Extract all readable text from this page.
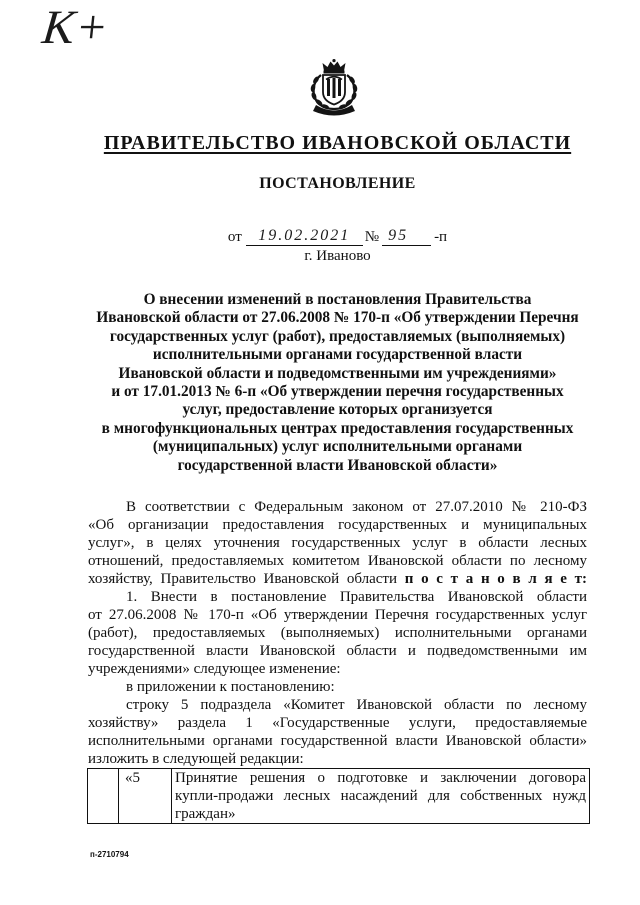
К+
ПРАВИТЕЛЬСТВО ИВАНОВСКОЙ ОБЛАСТИ
ПОСТАНОВЛЕНИЕ
от	19.02.2021 № 95	-п
г. Иваново
О внесении изменений в постановления Правительства
Ивановской области от 27.06.2008 № 170-п «Об утверждении Перечня
государственных услуг (работ), предоставляемых (выполняемых)
исполнительными органами государственной власти
Ивановской области и подведомственными им учреждениями»
и от 17.01.2013 № 6-п «Об утверждении перечня государственных
услуг, предоставление которых организуется
в многофункциональных центрах предоставления государственных
(муниципальных) услуг исполнительными органами
государственной власти Ивановской области»
В соответствии с Федеральным законом от 27.07.2010 № 210-ФЗ
«Об организации предоставления государственных и муниципальных
услуг», в целях уточнения государственных услуг в области лесных
отношений, предоставляемых комитетом Ивановской области по лесному
хозяйству, Правительство Ивановской области п о с т а н о в л я е т:
1. Внести в постановление Правительства Ивановской области
от 27.06.2008 № 170-п «Об утверждении Перечня государственных услуг
(работ), предоставляемых (выполняемых) исполнительными органами
государственной власти Ивановской области и подведомственными им
учреждениями» следующее изменение:
в приложении к постановлению:
строку 5 подраздела «Комитет Ивановской области по лесному
хозяйству» раздела 1 «Государственные услуги, предоставляемые
исполнительными органами государственной власти Ивановской области»
изложить в следующей редакции:
	«5	Принятие решения о подготовке и заключении договора
купли-продажи лесных насаждений для собственных нужд
граждан»
п-2710794
